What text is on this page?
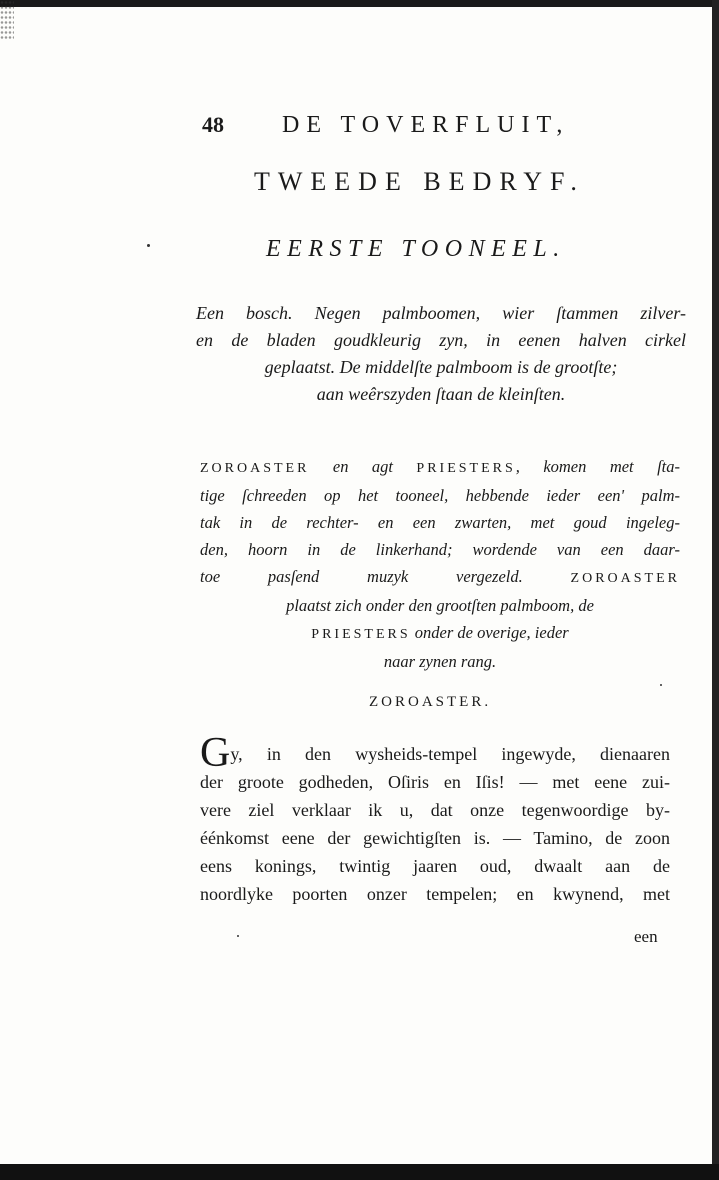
48 DE TOVERFLUIT,
TWEEDE BEDRYF.
EERSTE TOONEEL.
Een bosch. Negen palmboomen, wier ſtammen zilver-
en de bladen goudkleurig zyn, in eenen halven cirkel
geplaatst. De middelſte palmboom is de grootſte;
aan weêrszyden ſtaan de kleinſten.
ZOROASTER en agt PRIESTERS, komen met ſta-
tige ſchreeden op het tooneel, hebbende ieder een' palm-
tak in de rechter- en een zwarten, met goud ingeleg-
den, hoorn in de linkerhand; wordende van een daar-
toe pasſend muzyk vergezeld. ZOROASTER
plaatst zich onder den grootſten palmboom, de
PRIESTERS onder de overige, ieder
naar zynen rang.
ZOROASTER.
Gy, in den wysheids-tempel ingewyde, dienaaren
der groote godheden, Oſiris en Iſis! — met eene zui-
vere ziel verklaar ik u, dat onze tegenwoordige by-
éénkomst eene der gewichtigſten is. — Tamino, de zoon
eens konings, twintig jaaren oud, dwaalt aan de
noordlyke poorten onzer tempelen; en kwynend, met
een
